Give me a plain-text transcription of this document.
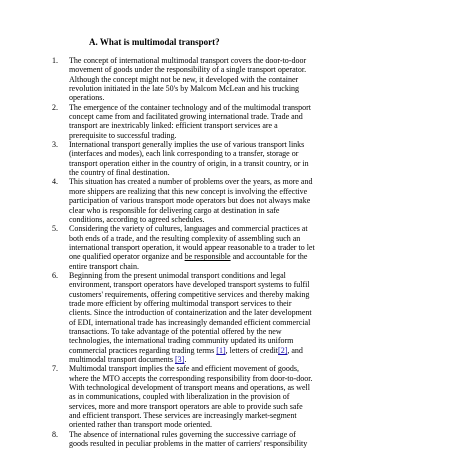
A. What is multimodal transport?
1.	The concept of international multimodal transport covers the door-to-door
movement of goods under the responsibility of a single transport operator.
Although the concept might not be new, it developed with the container
revolution initiated in the late 50's by Malcom McLean and his trucking
operations.
2.	The emergence of the container technology and of the multimodal transport
concept came from and facilitated growing international trade. Trade and
transport are inextricably linked: efficient transport services are a
prerequisite to successful trading.
3.	International transport generally implies the use of various transport links
(interfaces and modes), each link corresponding to a transfer, storage or
transport operation either in the country of origin, in a transit country, or in
the country of final destination.
4.	This situation has created a number of problems over the years, as more and
more shippers are realizing that this new concept is involving the effective
participation of various transport mode operators but does not always make
clear who is responsible for delivering cargo at destination in safe
conditions, according to agreed schedules.
5.	Considering the variety of cultures, languages and commercial practices at
both ends of a trade, and the resulting complexity of assembling such an
international transport operation, it would appear reasonable to a trader to let
one qualified operator organize and be responsible and accountable for the
entire transport chain.
6.	Beginning from the present unimodal transport conditions and legal
environment, transport operators have developed transport systems to fulfil
customers' requirements, offering competitive services and thereby making
trade more efficient by offering multimodal transport services to their
clients. Since the introduction of containerization and the later development
of EDI, international trade has increasingly demanded efficient commercial
transactions. To take advantage of the potential offered by the new
technologies, the international trading community updated its uniform
commercial practices regarding trading terms [1], letters of credit[2], and
multimodal transport documents [3].
7.	Multimodal transport implies the safe and efficient movement of goods,
where the MTO accepts the corresponding responsibility from door-to-door.
With technological development of transport means and operations, as well
as in communications, coupled with liberalization in the provision of
services, more and more transport operators are able to provide such safe
and efficient transport. These services are increasingly market-segment
oriented rather than transport mode oriented.
8.	The absence of international rules governing the successive carriage of
goods resulted in peculiar problems in the matter of carriers' responsibility
